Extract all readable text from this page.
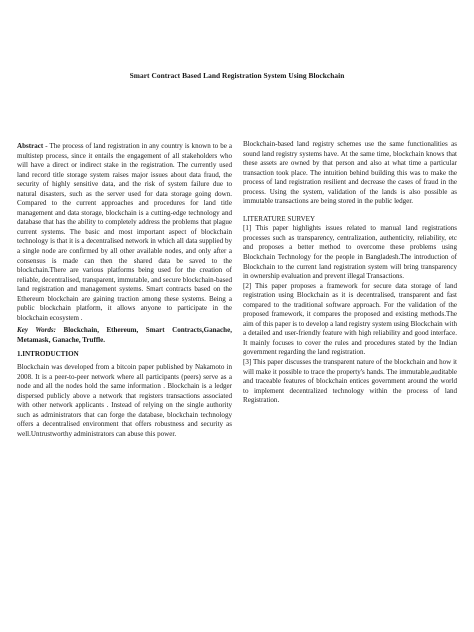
Smart Contract Based Land Registration System Using Blockchain

Abstract - The process of land registration in any country is known to be a multistep process, since it entails the engagement of all stakeholders who will have a direct or indirect stake in the registration. The currently used land record title storage system raises major issues about data fraud, the security of highly sensitive data, and the risk of system failure due to natural disasters, such as the server used for data storage going down. Compared to the current approaches and procedures for land title management and data storage, blockchain is a cutting-edge technology and database that has the ability to completely address the problems that plague current systems. The basic and most important aspect of blockchain technology is that it is a decentralised network in which all data supplied by a single node are confirmed by all other available nodes, and only after a consensus is made can then the shared data be saved to the blockchain.There are various platforms being used for the creation of reliable, decentralised, transparent, immutable, and secure blockchain-based land registration and management systems. Smart contracts based on the Ethereum blockchain are gaining traction among these systems. Being a public blockchain platform, it allows anyone to participate in the blockchain ecosystem .

Key Words: Blockchain, Ethereum, Smart Contracts,Ganache, Metamask, Ganache, Truffle.

1.INTRODUCTION

Blockchain was developed from a bitcoin paper published by Nakamoto in 2008. It is a peer-to-peer network where all participants (peers) serve as a node and all the nodes hold the same information . Blockchain is a ledger dispersed publicly above a network that registers transactions associated with other network applicants . Instead of relying on the single authority such as administrators that can forge the database, blockchain technology offers a decentralised environment that offers robustness and security as well.Untrustworthy administrators can abuse this power.

Blockchain-based land registry schemes use the same functionalities as sound land registry systems have. At the same time, blockchain knows that these assets are owned by that person and also at what time a particular transaction took place. The intuition behind building this was to make the process of land registration resilient and decrease the cases of fraud in the process. Using the system, validation of the lands is also possible as immutable transactions are being stored in the public ledger.

LITERATURE SURVEY

[1] This paper highlights issues related to manual land registrations processes such as transparency, centralization, authenticity, reliability, etc and proposes a better method to overcome these problems using Blockchain Technology for the people in Bangladesh.The introduction of Blockchain to the current land registration system will bring transparency in ownership evaluation and prevent illegal Transactions.

[2] This paper proposes a framework for secure data storage of land registration using Blockchain as it is decentralised, transparent and fast compared to the traditional software approach. For the validation of the proposed framework, it compares the proposed and existing methods.The aim of this paper is to develop a land registry system using Blockchain with a detailed and user-friendly feature with high reliability and good interface. It mainly focuses to cover the rules and procedures stated by the Indian government regarding the land registration.

[3] This paper discusses the transparent nature of the blockchain and how it will make it possible to trace the property's hands. The immutable,auditable and traceable features of blockchain entices government around the world to implement decentralized technology within the process of land Registration.
